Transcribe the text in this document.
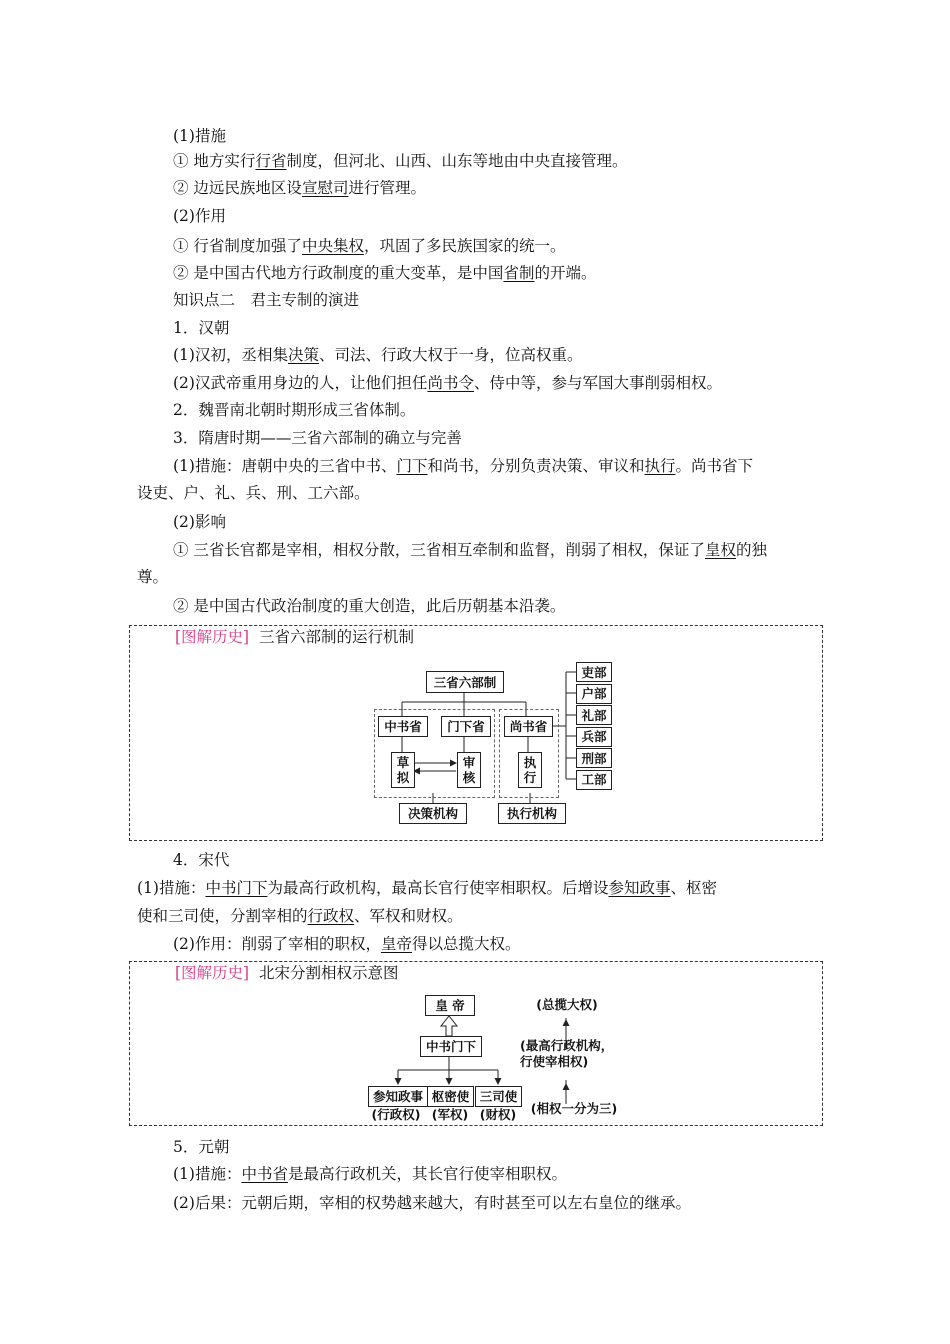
(1)措施
① 地方实行行省制度，但河北、山西、山东等地由中央直接管理。
② 边远民族地区设宣慰司进行管理。
(2)作用
① 行省制度加强了中央集权，巩固了多民族国家的统一。
② 是中国古代地方行政制度的重大变革，是中国省制的开端。
知识点二　君主专制的演进
1．汉朝
(1)汉初，丞相集决策、司法、行政大权于一身，位高权重。
(2)汉武帝重用身边的人，让他们担任尚书令、侍中等，参与军国大事削弱相权。
2．魏晋南北朝时期形成三省体制。
3．隋唐时期——三省六部制的确立与完善
(1)措施：唐朝中央的三省中书、门下和尚书，分别负责决策、审议和执行。尚书省下
设吏、户、礼、兵、刑、工六部。
(2)影响
① 三省长官都是宰相，相权分散，三省相互牵制和监督，削弱了相权，保证了皇权的独
尊。
② 是中国古代政治制度的重大创造，此后历朝基本沿袭。
4．宋代
(1)措施：中书门下为最高行政机构，最高长官行使宰相职权。后增设参知政事、枢密
使和三司使，分割宰相的行政权、军权和财权。
(2)作用：削弱了宰相的职权，皇帝得以总揽大权。
5．元朝
(1)措施：中书省是最高行政机关，其长官行使宰相职权。
(2)后果：元朝后期，宰相的权势越来越大，有时甚至可以左右皇位的继承。
[图解历史] 三省六部制的运行机制
三省六部制
中书省	门下省	尚书省
草
拟
审
核
执
行
决策机构	执行机构
吏部
户部
礼部
兵部
刑部
工部
[图解历史] 北宋分割相权示意图
皇 帝
中书门下
参知政事 枢密使 三司使
(行政权) (军权) (财权)
(总揽大权)
(最高行政机构，
行使宰相权)
(相权一分为三)
